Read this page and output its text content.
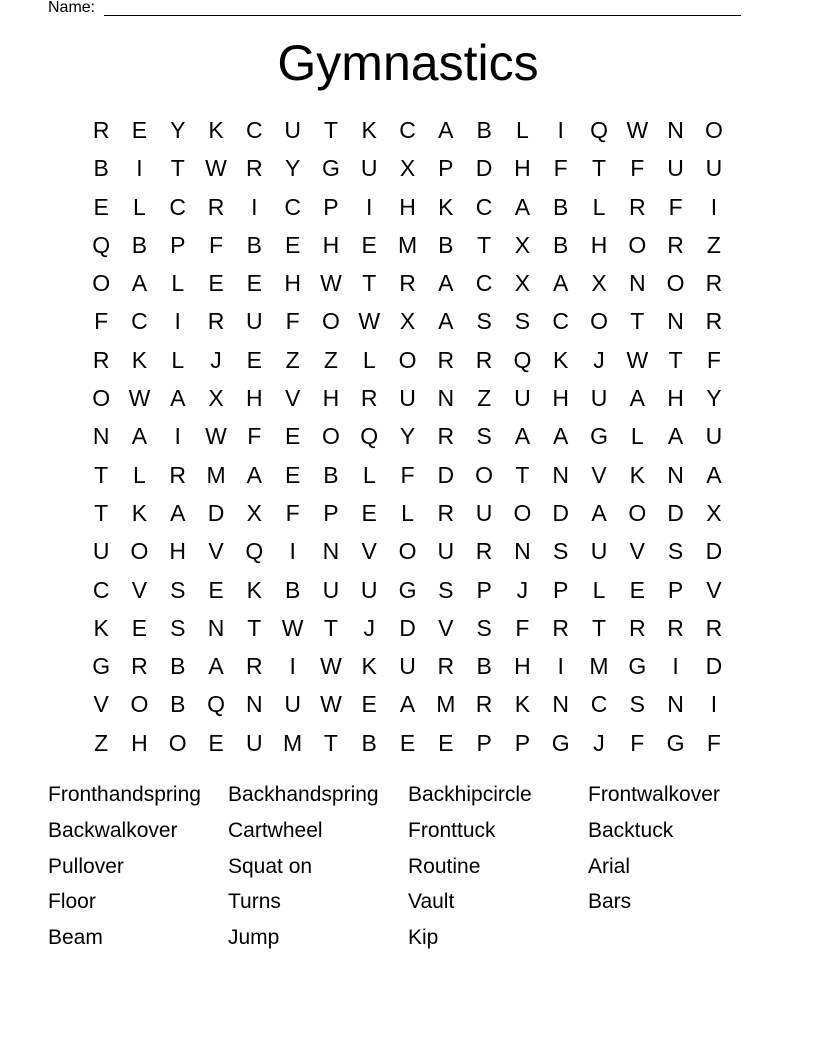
Name:
Gymnastics
R E Y K C U T	K C A B	L	I	Q W N O
B	I	T W R Y G U X P D H F	T	F U U
E	L	C R	I	C P	I	H K C A B	L	R F	I
Q B P	F	B E H E M B	T	X B H O R Z
O A	L	E E H W T R A C X A X N O R
F C	I	R U F O W X A S S C O T N R
R K	L	J	E	Z	Z	L O R R Q K	J W T	F
O W A X H V H R U N Z U H U A H Y
N A	I	W F	E O Q Y R S A A G L	A U
T	L	R M A E B	L	F D O T N V K N A
T	K A D X	F	P E	L	R U O D A O D X
U O H V Q	I	N V O U R N S U V S D
C V S E K B U U G S P	J	P	L	E P V
K E S N T W T	J	D V S	F R T R R R
G R B A R	I	W K U R B H	I	M G	I	D
V O B Q N U W E A M R K N C S N	I
Z H O E U M T	B E E P P G	J	F G F
Fronthandspring	Backhandspring	Backhipcircle	Frontwalkover
Backwalkover	Cartwheel	Fronttuck	Backtuck
Pullover	Squat on	Routine	Arial
Floor	Turns	Vault	Bars
Beam	Jump	Kip
